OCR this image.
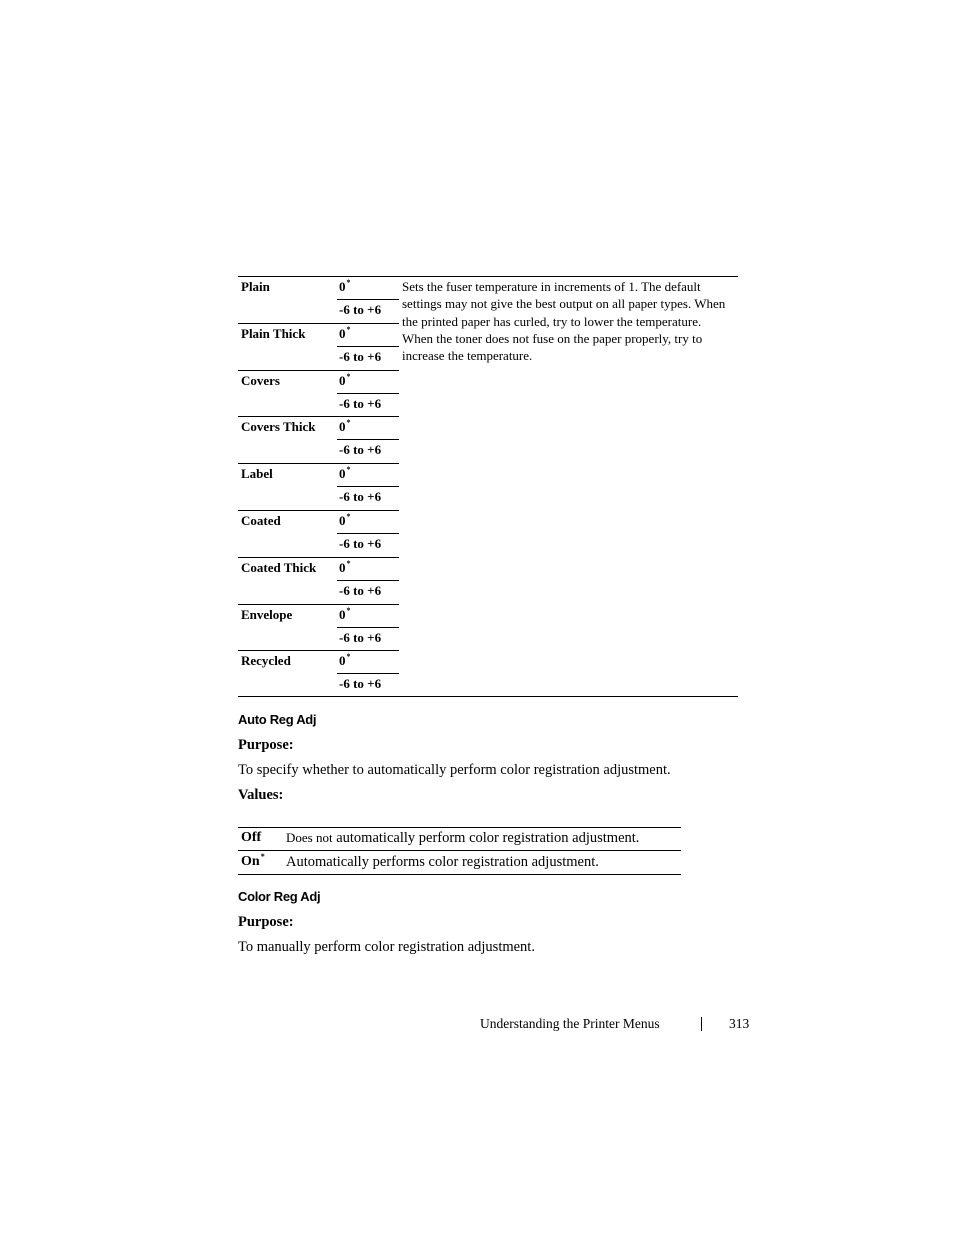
Plain	0*
-6 to +6
Plain Thick	0*
-6 to +6
Covers	0*
-6 to +6
Covers Thick 0*
-6 to +6
Label	0*
-6 to +6
Coated	0*
-6 to +6
Coated Thick 0*
-6 to +6
Envelope	0*
-6 to +6
Recycled	0*
-6 to +6
Sets the fuser temperature in increments of 1. The default settings may not give the best output on all paper types. When the printed paper has curled, try to lower the temperature. When the toner does not fuse on the paper properly, try to increase the temperature.
Auto Reg Adj
Purpose:
To specify whether to automatically perform color registration adjustment.
Values:
Off Does not automatically perform color registration adjustment.
On* Automatically performs color registration adjustment.
Color Reg Adj
Purpose:
To manually perform color registration adjustment.
Understanding the Printer Menus	313
